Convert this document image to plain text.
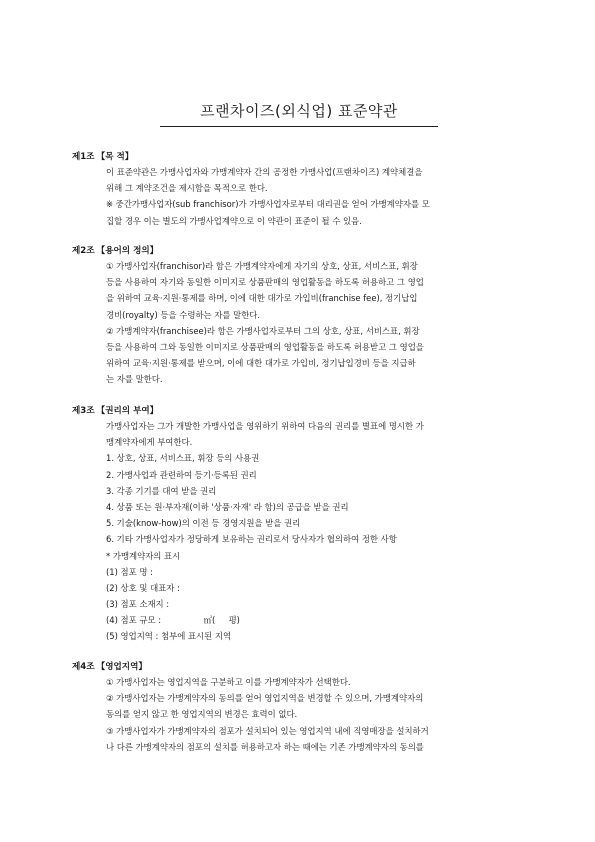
프랜차이즈(외식업) 표준약관
제1조 【목 적】
이 표준약관은 가맹사업자와 가맹계약자 간의 공정한 가맹사업(프랜차이즈) 계약체결을
위해 그 계약조건을 제시함을 목적으로 한다.
※ 중간가맹사업자(sub franchisor)가 가맹사업자로부터 대리권을 얻어 가맹계약자를 모
집할 경우 이는 별도의 가맹사업계약으로 이 약관이 표준이 될 수 있음.
제2조 【용어의 정의】
① 가맹사업자(franchisor)라 함은 가맹계약자에게 자기의 상호, 상표, 서비스표, 휘장
등을 사용하여 자기와 동일한 이미지로 상품판매의 영업활동을 하도록 허용하고 그 영업
을 위하여 교육·지원·통제를 하며, 이에 대한 대가로 가입비(franchise fee), 정기납입
경비(royalty) 등을 수령하는 자를 말한다.
② 가맹계약자(franchisee)라 함은 가맹사업자로부터 그의 상호, 상표, 서비스표, 휘장
등을 사용하여 그와 동일한 이미지로 상품판매의 영업활동을 하도록 허용받고 그 영업을
위하여 교육·지원·통제를 받으며, 이에 대한 대가로 가입비, 정기납입경비 등을 지급하
는 자를 말한다.
제3조 【권리의 부여】
가맹사업자는 그가 개발한 가맹사업을 영위하기 위하여 다음의 권리를 별표에 명시한 가
맹계약자에게 부여한다.
1. 상호, 상표, 서비스표, 휘장 등의 사용권
2. 가맹사업과 관련하여 등기·등록된 권리
3. 각종 기기를 대여 받을 권리
4. 상품 또는 원·부자재(이하 '상품·자재' 라 함)의 공급을 받을 권리
5. 기술(know-how)의 이전 등 경영지원을 받을 권리
6. 기타 가맹사업자가 정당하게 보유하는 권리로서 당사자가 협의하여 정한 사항
* 가맹계약자의 표시
(1) 점포 명 :
(2) 상호 및 대표자 :
(3) 점포 소재지 :
(4) 점포 규모 :                ㎡(     평)
(5) 영업지역 : 첨부에 표시된 지역
제4조 【영업지역】
① 가맹사업자는 영업지역을 구분하고 이를 가맹계약자가 선택한다.
② 가맹사업자는 가맹계약자의 동의를 얻어 영업지역을 변경할 수 있으며, 가맹계약자의
동의를 얻지 않고 한 영업지역의 변경은 효력이 없다.
③ 가맹사업자가 가맹계약자의 점포가 설치되어 있는 영업지역 내에 직영매장을 설치하거
나 다른 가맹계약자의 점포의 설치를 허용하고자 하는 때에는 기존 가맹계약자의 동의를
